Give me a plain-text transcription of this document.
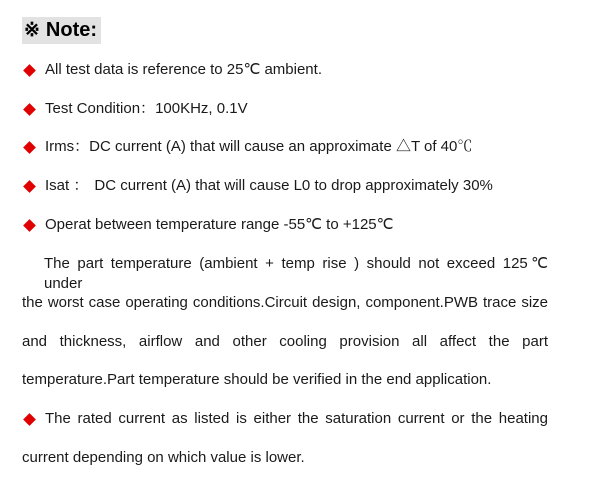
※ Note:
All test data is reference to 25℃ ambient.
Test Condition： 100KHz, 0.1V
Irms：DC current (A) that will cause an approximate △T of 40℃
Isat ： DC current (A) that will cause L0 to drop approximately 30%
Operat between temperature range -55℃ to +125℃
The part temperature (ambient + temp rise ) should not exceed 125℃ under
the worst case operating conditions.Circuit design, component.PWB trace size
and thickness, airflow and other cooling provision all affect the part
temperature.Part temperature should be verified in the end application.
The rated current as listed is either the saturation current or the heating
current depending on which value is lower.
